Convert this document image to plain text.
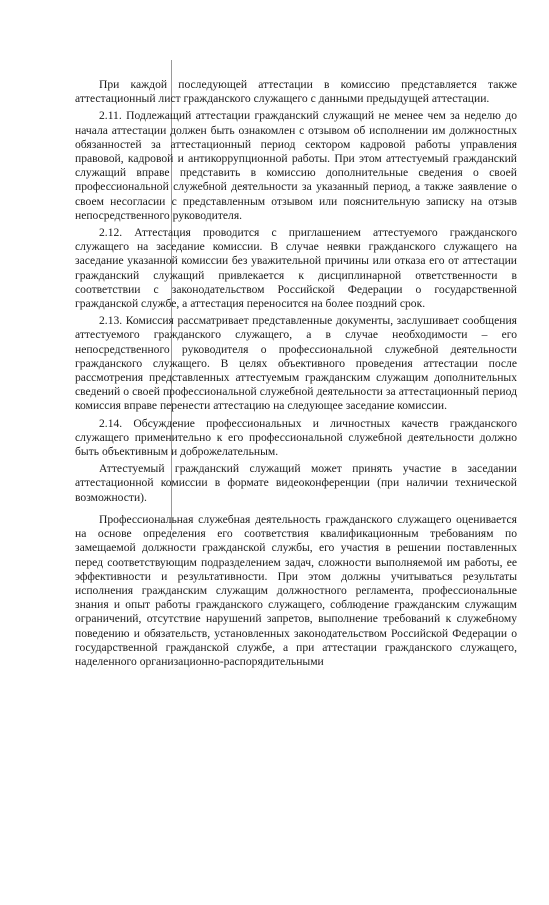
При каждой последующей аттестации в комиссию представляется также аттестационный лист гражданского служащего с данными предыдущей аттестации.

2.11. Подлежащий аттестации гражданский служащий не менее чем за неделю до начала аттестации должен быть ознакомлен с отзывом об исполнении им должностных обязанностей за аттестационный период сектором кадровой работы управления правовой, кадровой и антикоррупционной работы. При этом аттестуемый гражданский служащий вправе представить в комиссию дополнительные сведения о своей профессиональной служебной деятельности за указанный период, а также заявление о своем несогласии с представленным отзывом или пояснительную записку на отзыв непосредственного руководителя.

2.12. Аттестация проводится с приглашением аттестуемого гражданского служащего на заседание комиссии. В случае неявки гражданского служащего на заседание указанной комиссии без уважительной причины или отказа его от аттестации гражданский служащий привлекается к дисциплинарной ответственности в соответствии с законодательством Российской Федерации о государственной гражданской службе, а аттестация переносится на более поздний срок.

2.13. Комиссия рассматривает представленные документы, заслушивает сообщения аттестуемого гражданского служащего, а в случае необходимости – его непосредственного руководителя о профессиональной служебной деятельности гражданского служащего. В целях объективного проведения аттестации после рассмотрения представленных аттестуемым гражданским служащим дополнительных сведений о своей профессиональной служебной деятельности за аттестационный период комиссия вправе перенести аттестацию на следующее заседание комиссии.

2.14. Обсуждение профессиональных и личностных качеств гражданского служащего применительно к его профессиональной служебной деятельности должно быть объективным и доброжелательным.

Аттестуемый гражданский служащий может принять участие в заседании аттестационной комиссии в формате видеоконференции (при наличии технической возможности).

Профессиональная служебная деятельность гражданского служащего оценивается на основе определения его соответствия квалификационным требованиям по замещаемой должности гражданской службы, его участия в решении поставленных перед соответствующим подразделением задач, сложности выполняемой им работы, ее эффективности и результативности. При этом должны учитываться результаты исполнения гражданским служащим должностного регламента, профессиональные знания и опыт работы гражданского служащего, соблюдение гражданским служащим ограничений, отсутствие нарушений запретов, выполнение требований к служебному поведению и обязательств, установленных законодательством Российской Федерации о государственной гражданской службе, а при аттестации гражданского служащего, наделенного организационно-распорядительными
